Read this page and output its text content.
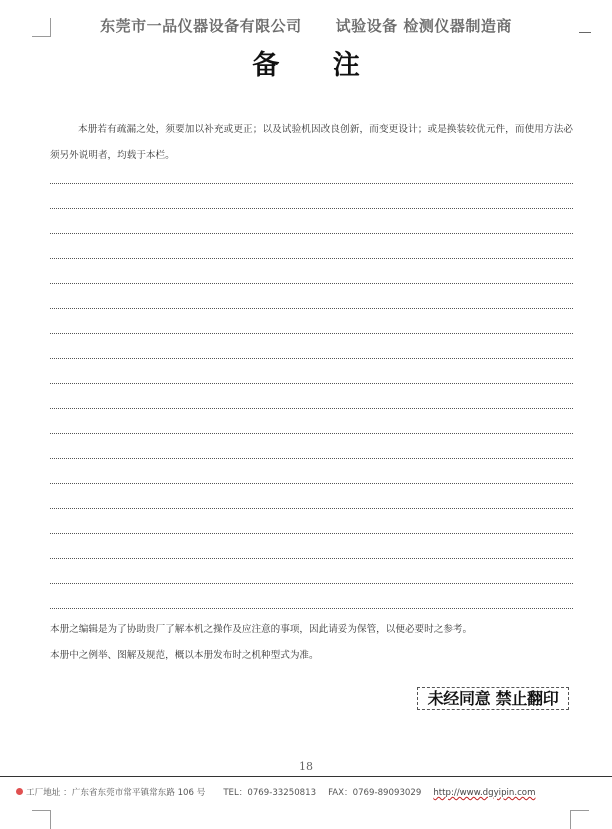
东莞市一品仪器设备有限公司 试验设备 检测仪器制造商
备 注
本册若有疏漏之处，须要加以补充或更正；以及试验机因改良创新，而变更设计；或是换装较优元件，而使用方法必须另外说明者，均载于本栏。
本册之编辑是为了协助贵厂了解本机之操作及应注意的事项，因此请妥为保管，以便必要时之参考。
本册中之例举、图解及规范，概以本册发布时之机种型式为准。
未经同意 禁止翻印
18
工厂地址 ：广东省东莞市常平镇常东路 106 号 TEL：0769-33250813 FAX：0769-89093029 http://www.dgyipin.com
